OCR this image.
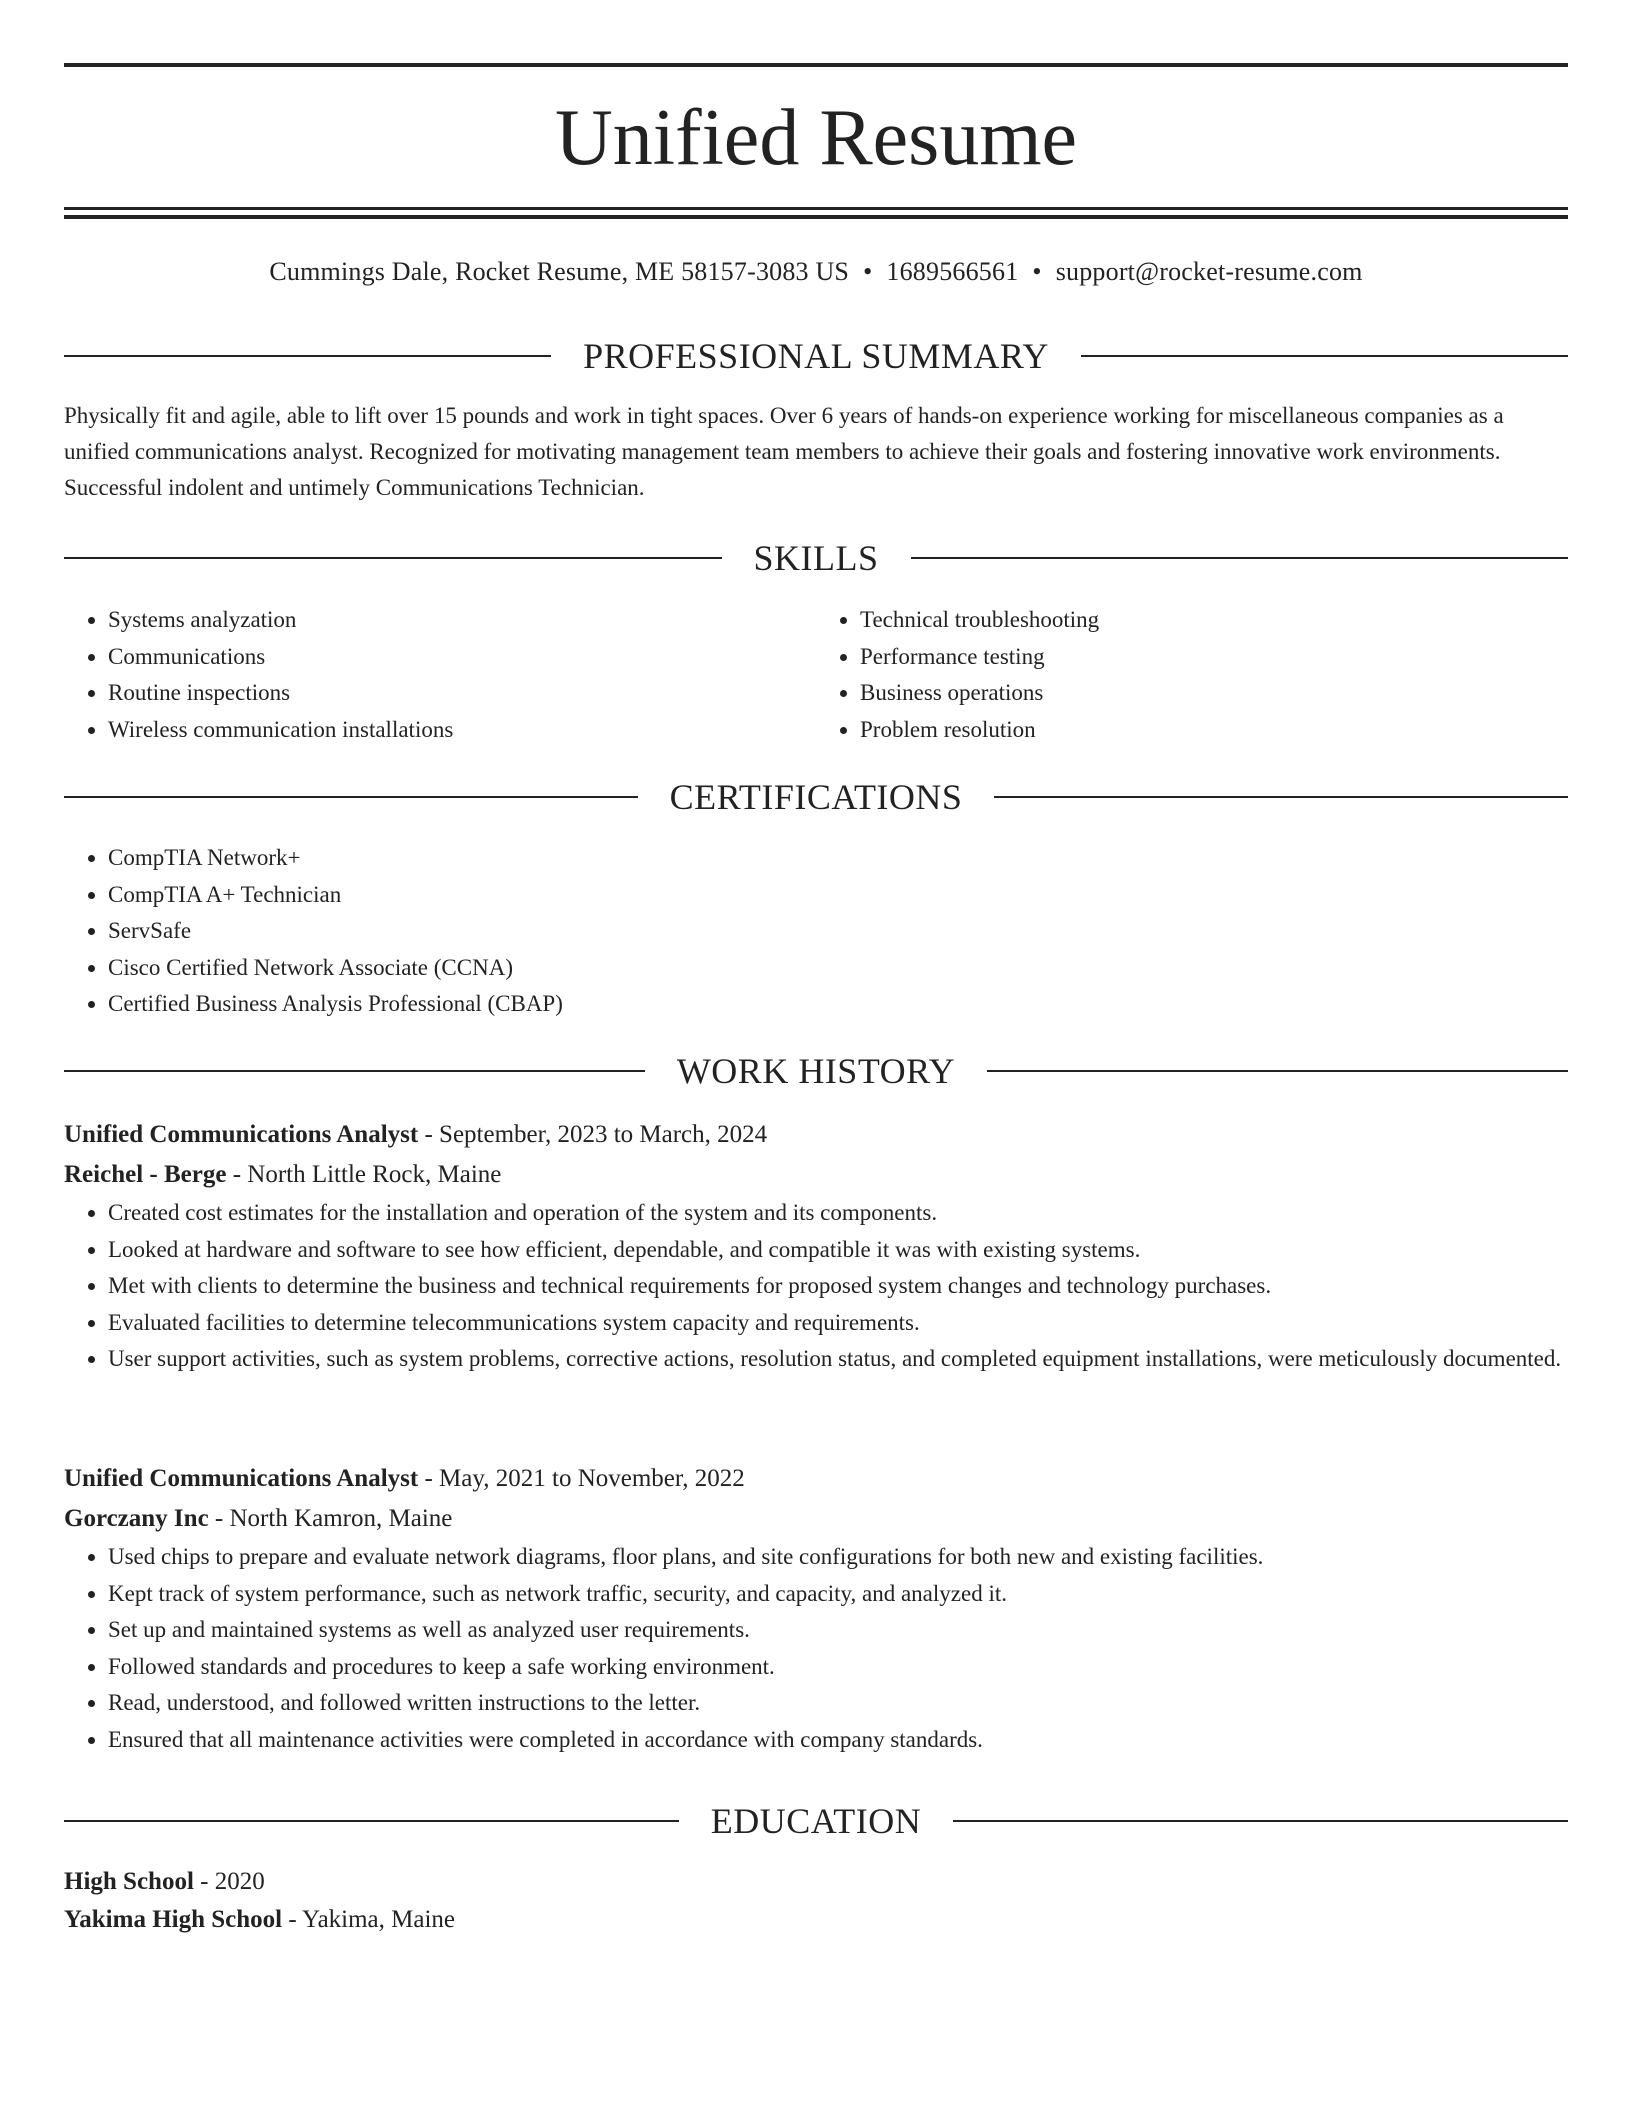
Unified Resume
Cummings Dale, Rocket Resume, ME 58157-3083 US • 1689566561 • support@rocket-resume.com
PROFESSIONAL SUMMARY
Physically fit and agile, able to lift over 15 pounds and work in tight spaces. Over 6 years of hands-on experience working for miscellaneous companies as a unified communications analyst. Recognized for motivating management team members to achieve their goals and fostering innovative work environments. Successful indolent and untimely Communications Technician.
SKILLS
• Systems analyzation
• Communications
• Routine inspections
• Wireless communication installations
• Technical troubleshooting
• Performance testing
• Business operations
• Problem resolution
CERTIFICATIONS
• CompTIA Network+
• CompTIA A+ Technician
• ServSafe
• Cisco Certified Network Associate (CCNA)
• Certified Business Analysis Professional (CBAP)
WORK HISTORY
Unified Communications Analyst - September, 2023 to March, 2024
Reichel - Berge - North Little Rock, Maine
• Created cost estimates for the installation and operation of the system and its components.
• Looked at hardware and software to see how efficient, dependable, and compatible it was with existing systems.
• Met with clients to determine the business and technical requirements for proposed system changes and technology purchases.
• Evaluated facilities to determine telecommunications system capacity and requirements.
• User support activities, such as system problems, corrective actions, resolution status, and completed equipment installations, were meticulously documented.
Unified Communications Analyst - May, 2021 to November, 2022
Gorczany Inc - North Kamron, Maine
• Used chips to prepare and evaluate network diagrams, floor plans, and site configurations for both new and existing facilities.
• Kept track of system performance, such as network traffic, security, and capacity, and analyzed it.
• Set up and maintained systems as well as analyzed user requirements.
• Followed standards and procedures to keep a safe working environment.
• Read, understood, and followed written instructions to the letter.
• Ensured that all maintenance activities were completed in accordance with company standards.
EDUCATION
High School - 2020
Yakima High School - Yakima, Maine
